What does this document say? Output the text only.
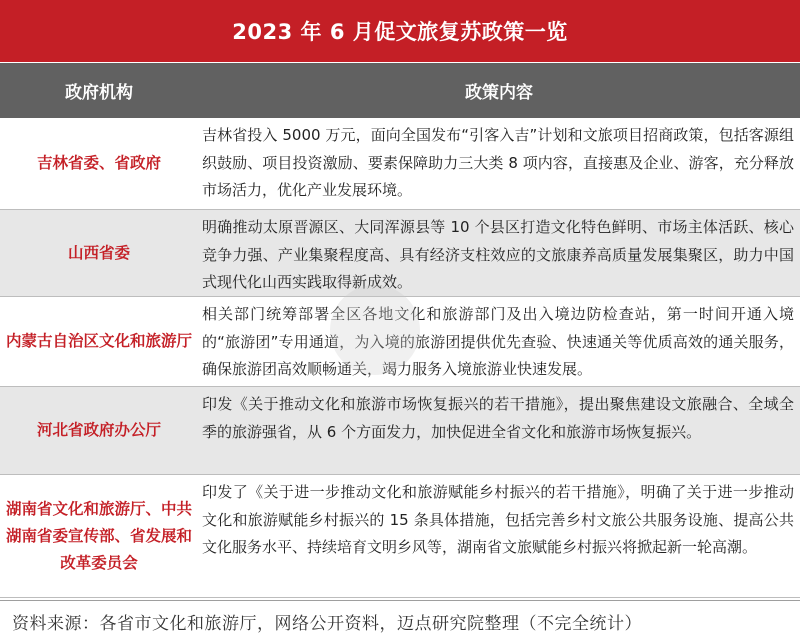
2023 年 6 月促文旅复苏政策一览
政府机构	政策内容
吉林省委、省政府
吉林省投入 5000 万元，面向全国发布“引客入吉”计划和文旅项目招商政策，包括客源组织鼓励、项目投资激励、要素保障助力三大类 8 项内容，直接惠及企业、游客，充分释放市场活力，优化产业发展环境。
山西省委
明确推动太原晋源区、大同浑源县等 10 个县区打造文化特色鲜明、市场主体活跃、核心竞争力强、产业集聚程度高、具有经济支柱效应的文旅康养高质量发展集聚区，助力中国式现代化山西实践取得新成效。
内蒙古自治区文化和旅游厅
相关部门统筹部署全区各地文化和旅游部门及出入境边防检查站，第一时间开通入境的“旅游团”专用通道，为入境的旅游团提供优先查验、快速通关等优质高效的通关服务，确保旅游团高效顺畅通关，竭力服务入境旅游业快速发展。
河北省政府办公厅
印发《关于推动文化和旅游市场恢复振兴的若干措施》，提出聚焦建设文旅融合、全域全季的旅游强省，从 6 个方面发力，加快促进全省文化和旅游市场恢复振兴。
湖南省文化和旅游厅、中共湖南省委宣传部、省发展和改革委员会
印发了《关于进一步推动文化和旅游赋能乡村振兴的若干措施》，明确了关于进一步推动文化和旅游赋能乡村振兴的 15 条具体措施，包括完善乡村文旅公共服务设施、提高公共文化服务水平、持续培育文明乡风等，湖南省文旅赋能乡村振兴将掀起新一轮高潮。
资料来源：各省市文化和旅游厅，网络公开资料，迈点研究院整理（不完全统计）
